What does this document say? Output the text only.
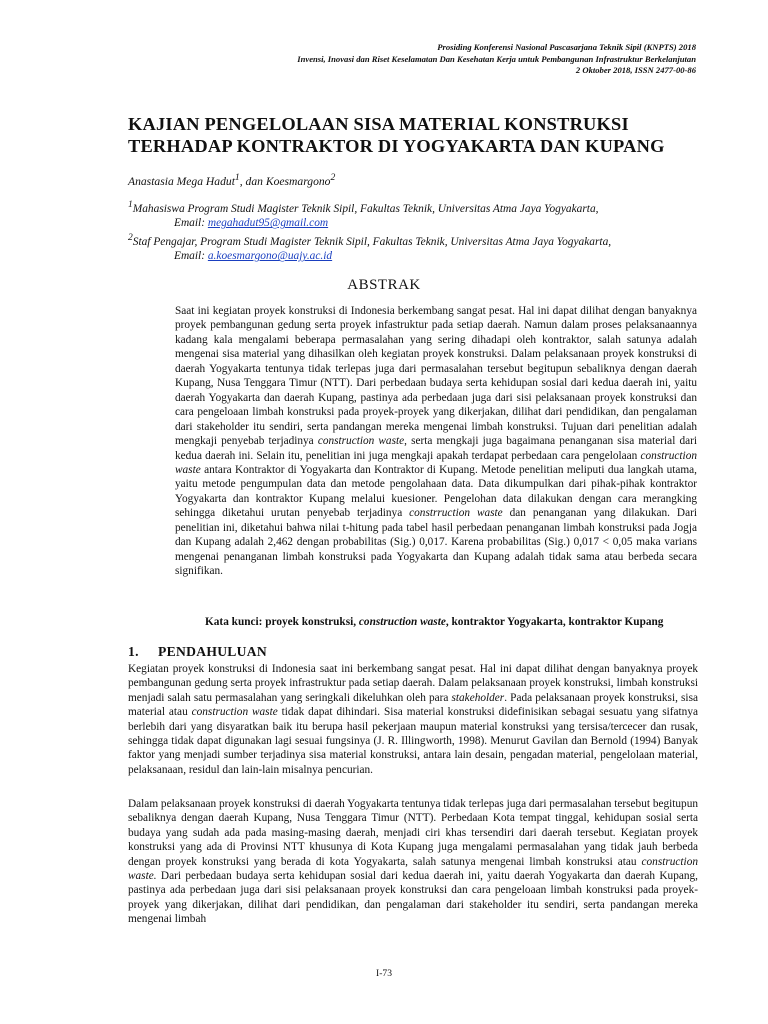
Prosiding Konferensi Nasional Pascasarjana Teknik Sipil (KNPTS) 2018
Invensi, Inovasi dan Riset Keselamatan Dan Kesehatan Kerja untuk Pembangunan Infrastruktur Berkelanjutan
2 Oktober 2018, ISSN 2477-00-86
KAJIAN PENGELOLAAN SISA MATERIAL KONSTRUKSI
TERHADAP KONTRAKTOR DI YOGYAKARTA DAN KUPANG
Anastasia Mega Hadut$^1$, dan Koesmargono$^2$
$^1$Mahasiswa Program Studi Magister Teknik Sipil, Fakultas Teknik, Universitas Atma Jaya Yogyakarta,
Email: megahadut95@gmail.com
$^2$Staf Pengajar, Program Studi Magister Teknik Sipil, Fakultas Teknik, Universitas Atma Jaya Yogyakarta,
Email: a.koesmargono@uajy.ac.id
ABSTRAK

Saat ini kegiatan proyek konstruksi di Indonesia berkembang sangat pesat. Hal ini dapat dilihat dengan banyaknya proyek pembangunan gedung serta proyek infastruktur pada setiap daerah. Namun dalam proses pelaksanaannya kadang kala mengalami beberapa permasalahan yang sering dihadapi oleh kontraktor, salah satunya adalah mengenai sisa material yang dihasilkan oleh kegiatan proyek konstruksi. Dalam pelaksanaan proyek konstruksi di daerah Yogyakarta tentunya tidak terlepas juga dari permasalahan tersebut begitupun sebaliknya dengan daerah Kupang, Nusa Tenggara Timur (NTT). Dari perbedaan budaya serta kehidupan sosial dari kedua daerah ini, yaitu daerah Yogyakarta dan daerah Kupang, pastinya ada perbedaan juga dari sisi pelaksanaan proyek konstruksi dan cara pengeloaan limbah konstruksi pada proyek-proyek yang dikerjakan, dilihat dari pendidikan, dan pengalaman dari stakeholder itu sendiri, serta pandangan mereka mengenai limbah konstruksi. Tujuan dari penelitian adalah mengkaji penyebab terjadinya construction waste, serta mengkaji juga bagaimana penanganan sisa material dari kedua daerah ini. Selain itu, penelitian ini juga mengkaji apakah terdapat perbedaan cara pengelolaan construction waste antara Kontraktor di Yogyakarta dan Kontraktor di Kupang. Metode penelitian meliputi dua langkah utama, yaitu metode pengumpulan data dan metode pengolahaan data. Data dikumpulkan dari pihak-pihak kontraktor Yogyakarta dan kontraktor Kupang melalui kuesioner. Pengelohan data dilakukan dengan cara merangking sehingga diketahui urutan penyebab terjadinya constrruction waste dan penanganan yang dilakukan. Dari penelitian ini, diketahui bahwa nilai t-hitung pada tabel hasil perbedaan penanganan limbah konstruksi pada Jogja dan Kupang adalah 2,462 dengan probabilitas (Sig.) 0,017. Karena probabilitas (Sig.) 0,017 < 0,05 maka varians mengenai penanganan limbah konstruksi pada Yogyakarta dan Kupang adalah tidak sama atau berbeda secara signifikan.

Kata kunci: proyek konstruksi, construction waste, kontraktor Yogyakarta, kontraktor Kupang
1. PENDAHULUAN

Kegiatan proyek konstruksi di Indonesia saat ini berkembang sangat pesat. Hal ini dapat dilihat dengan banyaknya proyek pembangunan gedung serta proyek infrastruktur pada setiap daerah. Dalam pelaksanaan proyek konstruksi, limbah konstruksi menjadi salah satu permasalahan yang seringkali dikeluhkan oleh para stakeholder. Pada pelaksanaan proyek konstruksi, sisa material atau construction waste tidak dapat dihindari. Sisa material konstruksi didefinisikan sebagai sesuatu yang sifatnya berlebih dari yang disyaratkan baik itu berupa hasil pekerjaan maupun material konstruksi yang tersisa/tercecer dan rusak, sehingga tidak dapat digunakan lagi sesuai fungsinya (J. R. Illingworth, 1998). Menurut Gavilan dan Bernold (1994) Banyak faktor yang menjadi sumber terjadinya sisa material konstruksi, antara lain desain, pengadan material, pengelolaan material, pelaksanaan, residul dan lain-lain misalnya pencurian.

Dalam pelaksanaan proyek konstruksi di daerah Yogyakarta tentunya tidak terlepas juga dari permasalahan tersebut begitupun sebaliknya dengan daerah Kupang, Nusa Tenggara Timur (NTT). Perbedaan Kota tempat tinggal, kehidupan sosial serta budaya yang sudah ada pada masing-masing daerah, menjadi ciri khas tersendiri dari daerah tersebut. Kegiatan proyek konstruksi yang ada di Provinsi NTT khusunya di Kota Kupang juga mengalami permasalahan yang tidak jauh berbeda dengan proyek konstruksi yang berada di kota Yogyakarta, salah satunya mengenai limbah konstruksi atau construction waste. Dari perbedaan budaya serta kehidupan sosial dari kedua daerah ini, yaitu daerah Yogyakarta dan daerah Kupang, pastinya ada perbedaan juga dari sisi pelaksanaan proyek konstruksi dan cara pengeloaan limbah konstruksi pada proyek-proyek yang dikerjakan, dilihat dari pendidikan, dan pengalaman dari stakeholder itu sendiri, serta pandangan mereka mengenai limbah

I-73
